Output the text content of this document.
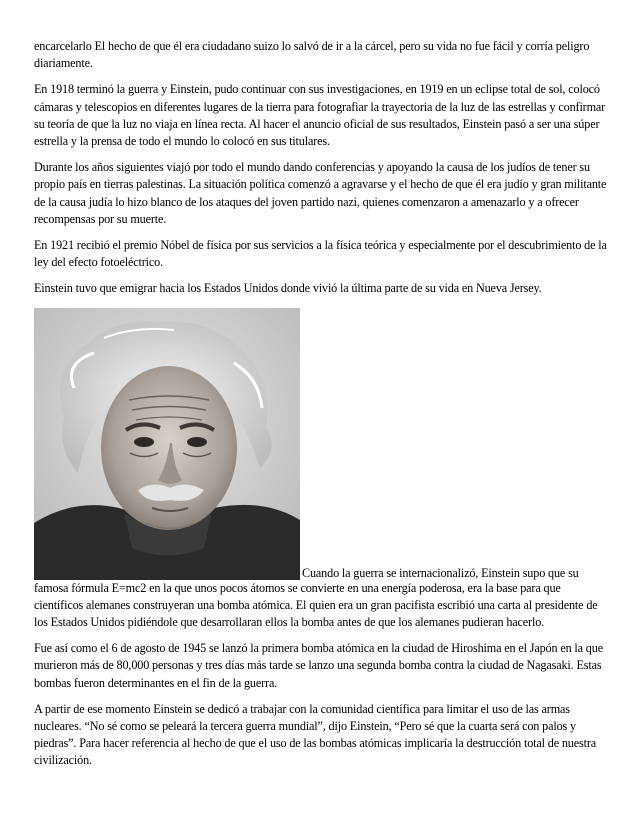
encarcelarlo El hecho de que él era ciudadano suizo lo salvó de ir a la cárcel, pero su vida no fue fácil y corría peligro diariamente.

En 1918 terminó la guerra y Einstein, pudo continuar con sus investigaciones, en 1919 en un eclipse total de sol, colocó cámaras y telescopios en diferentes lugares de la tierra para fotografiar la trayectoria de la luz de las estrellas y confirmar su teoría de que la luz no viaja en línea recta. Al hacer el anuncio oficial de sus resultados, Einstein pasó a ser una súper estrella y la prensa de todo el mundo lo colocó en sus titulares.

Durante los años siguientes viajó por todo el mundo dando conferencias y apoyando la causa de los judíos de tener su propio país en tierras palestinas. La situación política comenzó a agravarse y el hecho de que él era judío y gran militante de la causa judía lo hizo blanco de los ataques del joven partido nazi, quienes comenzaron a amenazarlo y a ofrecer recompensas por su muerte.

En 1921 recibió el premio Nóbel de física por sus servicios a la física teórica y especialmente por el descubrimiento de la ley del efecto fotoeléctrico.

Einstein tuvo que emigrar hacia los Estados Unidos donde vivió la última parte de su vida en Nueva Jersey.

Cuando la guerra se internacionalizó, Einstein supo que su

famosa fórmula E=mc2 en la que unos pocos átomos se convierte en una energía poderosa, era la base para que científicos alemanes construyeran una bomba atómica. El quien era un gran pacifista escribió una carta al presidente de los Estados Unidos pidiéndole que desarrollaran ellos la bomba antes de que los alemanes pudieran hacerlo.

Fue así como el 6 de agosto de 1945 se lanzó la primera bomba atómica en la ciudad de Hiroshima en el Japón en la que murieron más de 80,000 personas y tres días más tarde se lanzo una segunda bomba contra la ciudad de Nagasaki. Estas bombas fueron determinantes en el fin de la guerra.

A partir de ese momento Einstein se dedicó a trabajar con la comunidad científica para limitar el uso de las armas nucleares. “No sé como se peleará la tercera guerra mundial”, dijo Einstein, “Pero sé que la cuarta será con palos y piedras”. Para hacer referencia al hecho de que el uso de las bombas atómicas implicaría la destrucción total de nuestra civilización.
